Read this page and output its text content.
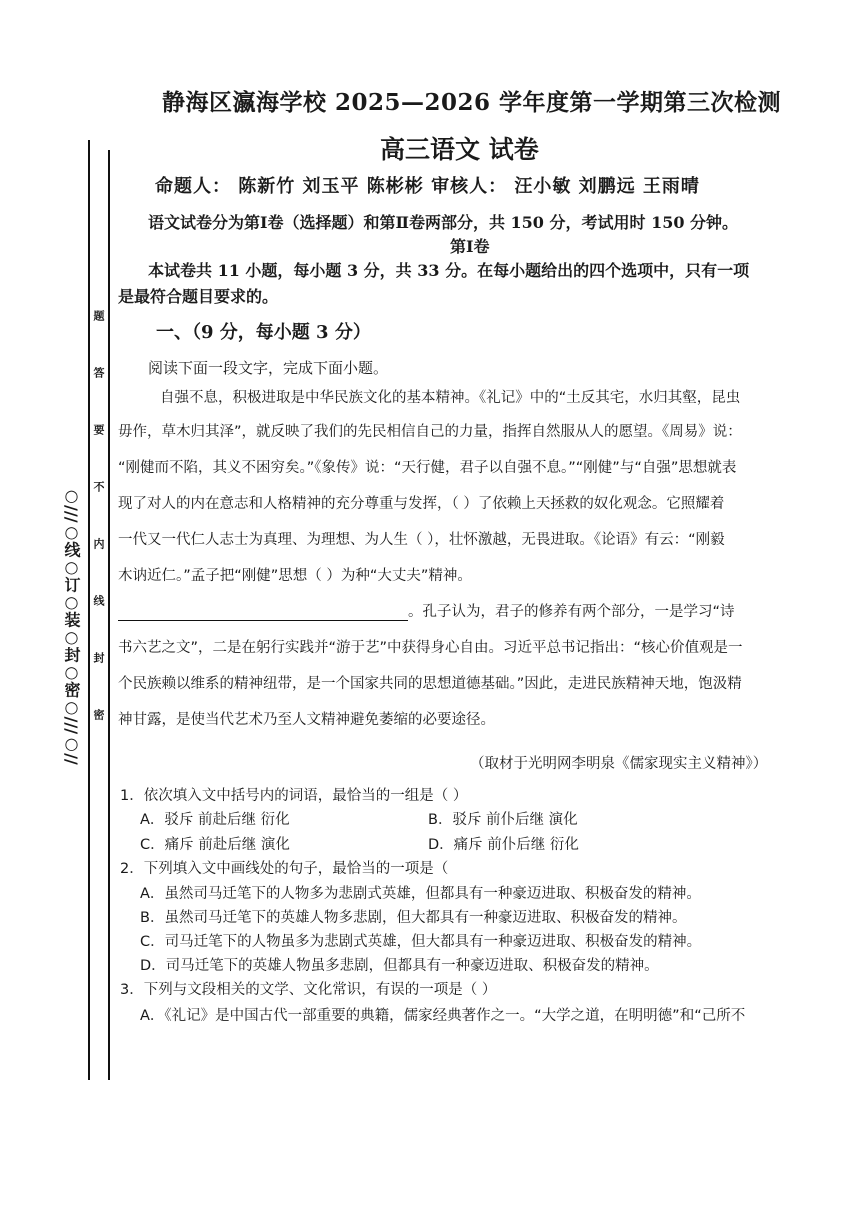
○///○线○订○装○封○密○///○// 题答要不内线封密
静海区瀛海学校 2025—2026 学年度第一学期第三次检测
高三语文 试卷
命题人： 陈新竹 刘玉平 陈彬彬 审核人： 汪小敏 刘鹏远 王雨晴
语文试卷分为第Ⅰ卷（选择题）和第Ⅱ卷两部分，共 150 分，考试用时 150 分钟。
第Ⅰ卷
本试卷共 11 小题，每小题 3 分，共 33 分。在每小题给出的四个选项中，只有一项
是最符合题目要求的。
一、（9 分，每小题 3 分）
阅读下面一段文字，完成下面小题。
自强不息，积极进取是中华民族文化的基本精神。《礼记》中的“土反其宅，水归其壑，昆虫
毋作，草木归其泽”，就反映了我们的先民相信自己的力量，指挥自然服从人的愿望。《周易》说：
“刚健而不陷，其义不困穷矣。”《象传》说：“天行健，君子以自强不息。”“刚健”与“自强”思想就表
现了对人的内在意志和人格精神的充分尊重与发挥，（ ）了依赖上天拯救的奴化观念。它照耀着
一代又一代仁人志士为真理、为理想、为人生（ ），壮怀激越，无畏进取。《论语》有云：“刚毅
木讷近仁。”孟子把“刚健”思想（ ）为种“大丈夫”精神。
。孔子认为，君子的修养有两个部分，一是学习“诗
书六艺之文”，二是在躬行实践并“游于艺”中获得身心自由。习近平总书记指出：“核心价值观是一
个民族赖以维系的精神纽带，是一个国家共同的思想道德基础。”因此，走进民族精神天地，饱汲精
神甘露，是使当代艺术乃至人文精神避免萎缩的必要途径。
（取材于光明网李明泉《儒家现实主义精神》）
1．依次填入文中括号内的词语，最恰当的一组是（ ）
A．驳斥 前赴后继 衍化	B．驳斥 前仆后继 演化
C．痛斥 前赴后继 演化	D．痛斥 前仆后继 衍化
2．下列填入文中画线处的句子，最恰当的一项是（
A．虽然司马迁笔下的人物多为悲剧式英雄，但都具有一种豪迈进取、积极奋发的精神。
B．虽然司马迁笔下的英雄人物多悲剧，但大都具有一种豪迈进取、积极奋发的精神。
C．司马迁笔下的人物虽多为悲剧式英雄，但大都具有一种豪迈进取、积极奋发的精神。
D．司马迁笔下的英雄人物虽多悲剧，但都具有一种豪迈进取、积极奋发的精神。
3．下列与文段相关的文学、文化常识，有误的一项是（ ）
A．《礼记》是中国古代一部重要的典籍，儒家经典著作之一。“大学之道，在明明德”和“己所不
